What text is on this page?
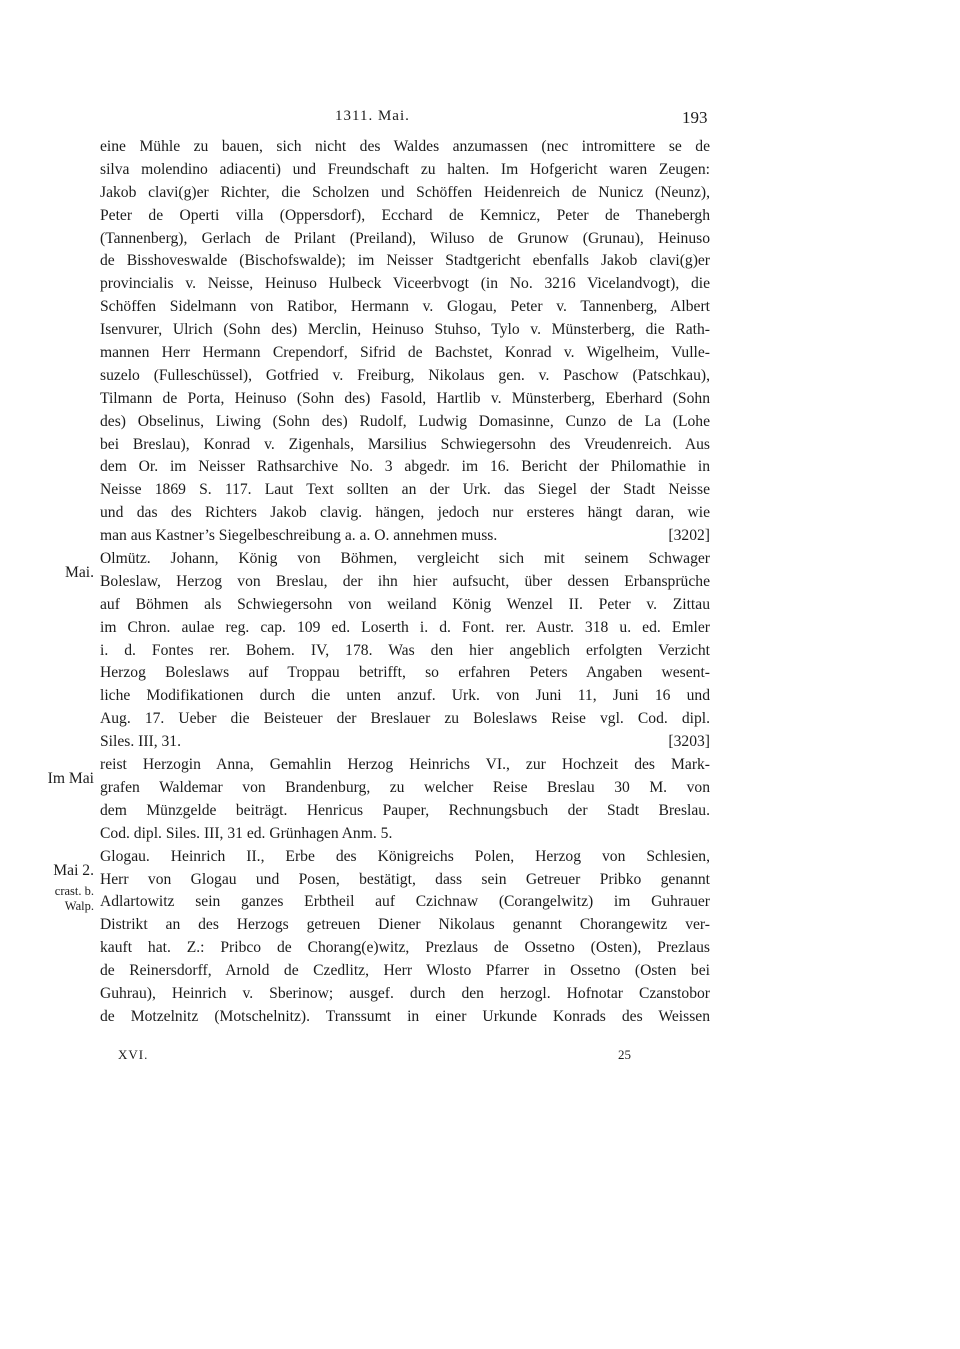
1311. Mai.	193
Mai.
Im Mai
Mai 2.
crast. b.
Walp.
eine Mühle zu bauen, sich nicht des Waldes anzumassen (nec intromittere se de
silva molendino adiacenti) und Freundschaft zu halten. Im Hofgericht waren Zeugen:
Jakob clavi(g)er Richter, die Scholzen und Schöffen Heidenreich de Nunicz (Neunz),
Peter de Operti villa (Oppersdorf), Ecchard de Kemnicz, Peter de Thanebergh
(Tannenberg), Gerlach de Prilant (Preiland), Wiluso de Grunow (Grunau), Heinuso
de Bisshoveswalde (Bischofswalde); im Neisser Stadtgericht ebenfalls Jakob clavi(g)er
provincialis v. Neisse, Heinuso Hulbeck Viceerbvogt (in No. 3216 Vicelandvogt), die
Schöffen Sidelmann von Ratibor, Hermann v. Glogau, Peter v. Tannenberg, Albert
Isenvurer, Ulrich (Sohn des) Merclin, Heinuso Stuhso, Tylo v. Münsterberg, die Rath-
mannen Herr Hermann Crependorf, Sifrid de Bachstet, Konrad v. Wigelheim, Vulle-
suzelo (Fulleschüssel), Gotfried v. Freiburg, Nikolaus gen. v. Paschow (Patschkau),
Tilmann de Porta, Heinuso (Sohn des) Fasold, Hartlib v. Münsterberg, Eberhard (Sohn
des) Obselinus, Liwing (Sohn des) Rudolf, Ludwig Domasinne, Cunzo de La (Lohe
bei Breslau), Konrad v. Zigenhals, Marsilius Schwiegersohn des Vreudenreich. Aus
dem Or. im Neisser Rathsarchive No. 3 abgedr. im 16. Bericht der Philomathie in
Neisse 1869 S. 117. Laut Text sollten an der Urk. das Siegel der Stadt Neisse
und das des Richters Jakob clavig. hängen, jedoch nur ersteres hängt daran, wie
man aus Kastner’s Siegelbeschreibung a. a. O. annehmen muss.	[3202]
Olmütz. Johann, König von Böhmen, vergleicht sich mit seinem Schwager
Boleslaw, Herzog von Breslau, der ihn hier aufsucht, über dessen Erbansprüche
auf Böhmen als Schwiegersohn von weiland König Wenzel II. Peter v. Zittau
im Chron. aulae reg. cap. 109 ed. Loserth i. d. Font. rer. Austr. 318 u. ed. Emler
i. d. Fontes rer. Bohem. IV, 178. Was den hier angeblich erfolgten Verzicht
Herzog Boleslaws auf Troppau betrifft, so erfahren Peters Angaben wesent-
liche Modifikationen durch die unten anzuf. Urk. von Juni 11, Juni 16 und
Aug. 17. Ueber die Beisteuer der Breslauer zu Boleslaws Reise vgl. Cod. dipl.
Siles. III, 31.	[3203]
reist Herzogin Anna, Gemahlin Herzog Heinrichs VI., zur Hochzeit des Mark-
grafen Waldemar von Brandenburg, zu welcher Reise Breslau 30 M. von
dem Münzgelde beiträgt. Henricus Pauper, Rechnungsbuch der Stadt Breslau.
Cod. dipl. Siles. III, 31 ed. Grünhagen Anm. 5.
Glogau. Heinrich II., Erbe des Königreichs Polen, Herzog von Schlesien,
Herr von Glogau und Posen, bestätigt, dass sein Getreuer Pribko genannt
Adlartowitz sein ganzes Erbtheil auf Czichnaw (Corangelwitz) im Guhrauer
Distrikt an des Herzogs getreuen Diener Nikolaus genannt Chorangewitz ver-
kauft hat. Z.: Pribco de Chorang(e)witz, Prezlaus de Ossetno (Osten), Prezlaus
de Reinersdorff, Arnold de Czedlitz, Herr Wlosto Pfarrer in Ossetno (Osten bei
Guhrau), Heinrich v. Sberinow; ausgef. durch den herzogl. Hofnotar Czanstobor
de Motzelnitz (Motschelnitz). Transsumt in einer Urkunde Konrads des Weissen
XVI.	25
